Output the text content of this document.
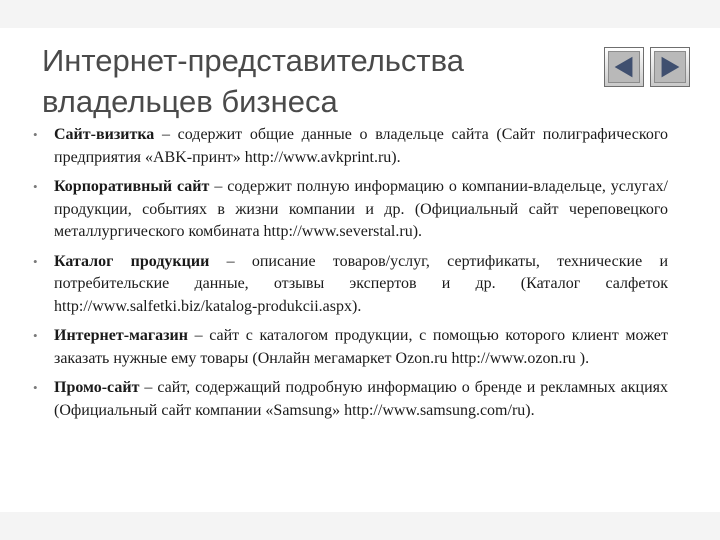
Интернет-представительства владельцев бизнеса
• Сайт-визитка – содержит общие данные о владельце сайта (Сайт полиграфического предприятия «ABK-принт» http://www.avkprint.ru).
• Корпоративный сайт – содержит полную информацию о компании-владельце, услугах/продукции, событиях в жизни компании и др. (Официальный сайт череповецкого металлургического комбината http://www.severstal.ru).
• Каталог продукции – описание товаров/услуг, сертификаты, технические и потребительские данные, отзывы экспертов и др. (Каталог салфеток http://www.salfetki.biz/katalog-produkcii.aspx).
• Интернет-магазин – сайт с каталогом продукции, с помощью которого клиент может заказать нужные ему товары (Онлайн мегамаркет Ozon.ru http://www.ozon.ru ).
• Промо-сайт – сайт, содержащий подробную информацию о бренде и рекламных акциях (Официальный сайт компании «Samsung» http://www.samsung.com/ru).
